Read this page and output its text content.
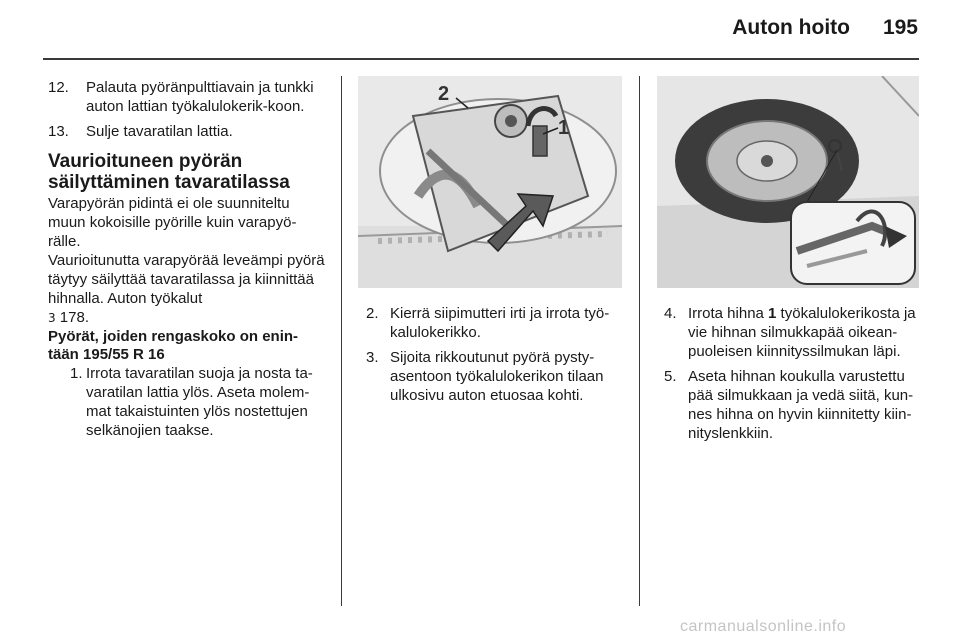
Auton hoito	195
12. Palauta pyöränpulttiavain ja tunkki auton lattian työkalulokerik-koon.

13. Sulje tavaratilan lattia.

Vaurioituneen pyörän säilyttäminen tavaratilassa

Varapyörän pidintä ei ole suunniteltu muun kokoisille pyörille kuin varapyö-rälle.

Vaurioitunutta varapyörää leveämpi pyörä täytyy säilyttää tavaratilassa ja kiinnittää hihnalla. Auton työkalut
3 178.

Pyörät, joiden rengaskoko on enin-tään 195/55 R 16

1. Irrota tavaratilan suoja ja nosta ta-varatilan lattia ylös. Aseta molem-mat takaistuinten ylös nostettujen selkänojien taakse.

2
1
2. Kierrä siipimutteri irti ja irrota työ-kalulokerikko.

3. Sijoita rikkoutunut pyörä pysty-asentoon työkalulokerikon tilaan ulkosivu auton etuosaa kohti.

4. Irrota hihna 1 työkalulokerikosta ja vie hihnan silmukkapää oikean-puoleisen kiinnityssilmukan läpi.

5. Aseta hihnan koukulla varustettu pää silmukkaan ja vedä siitä, kun-nes hihna on hyvin kiinnitetty kiin-nityslenkkiin.

carmanualsonline.info
